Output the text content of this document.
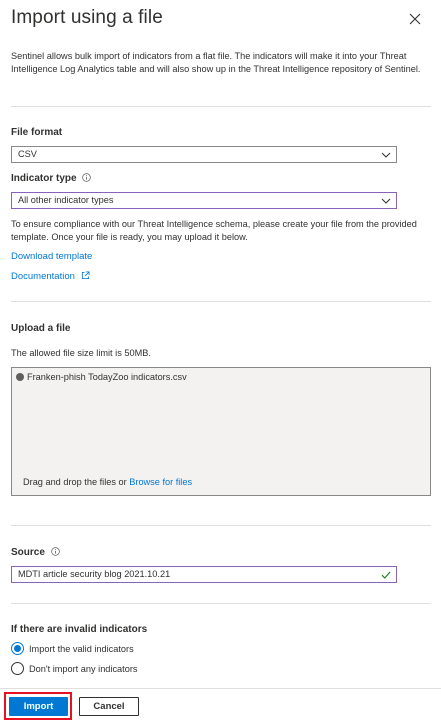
Import using a file
Sentinel allows bulk import of indicators from a flat file. The indicators will make it into your Threat Intelligence Log Analytics table and will also show up in the Threat Intelligence repository of Sentinel.
File format
CSV
Indicator type
All other indicator types
To ensure compliance with our Threat Intelligence schema, please create your file from the provided template. Once your file is ready, you may upload it below.
Download template
Documentation
Upload a file
The allowed file size limit is 50MB.
Franken-phish TodayZoo indicators.csv
Drag and drop the files or Browse for files
Source
MDTI article security blog 2021.10.21
If there are invalid indicators
Import the valid indicators
Don't import any indicators
Import	Cancel
